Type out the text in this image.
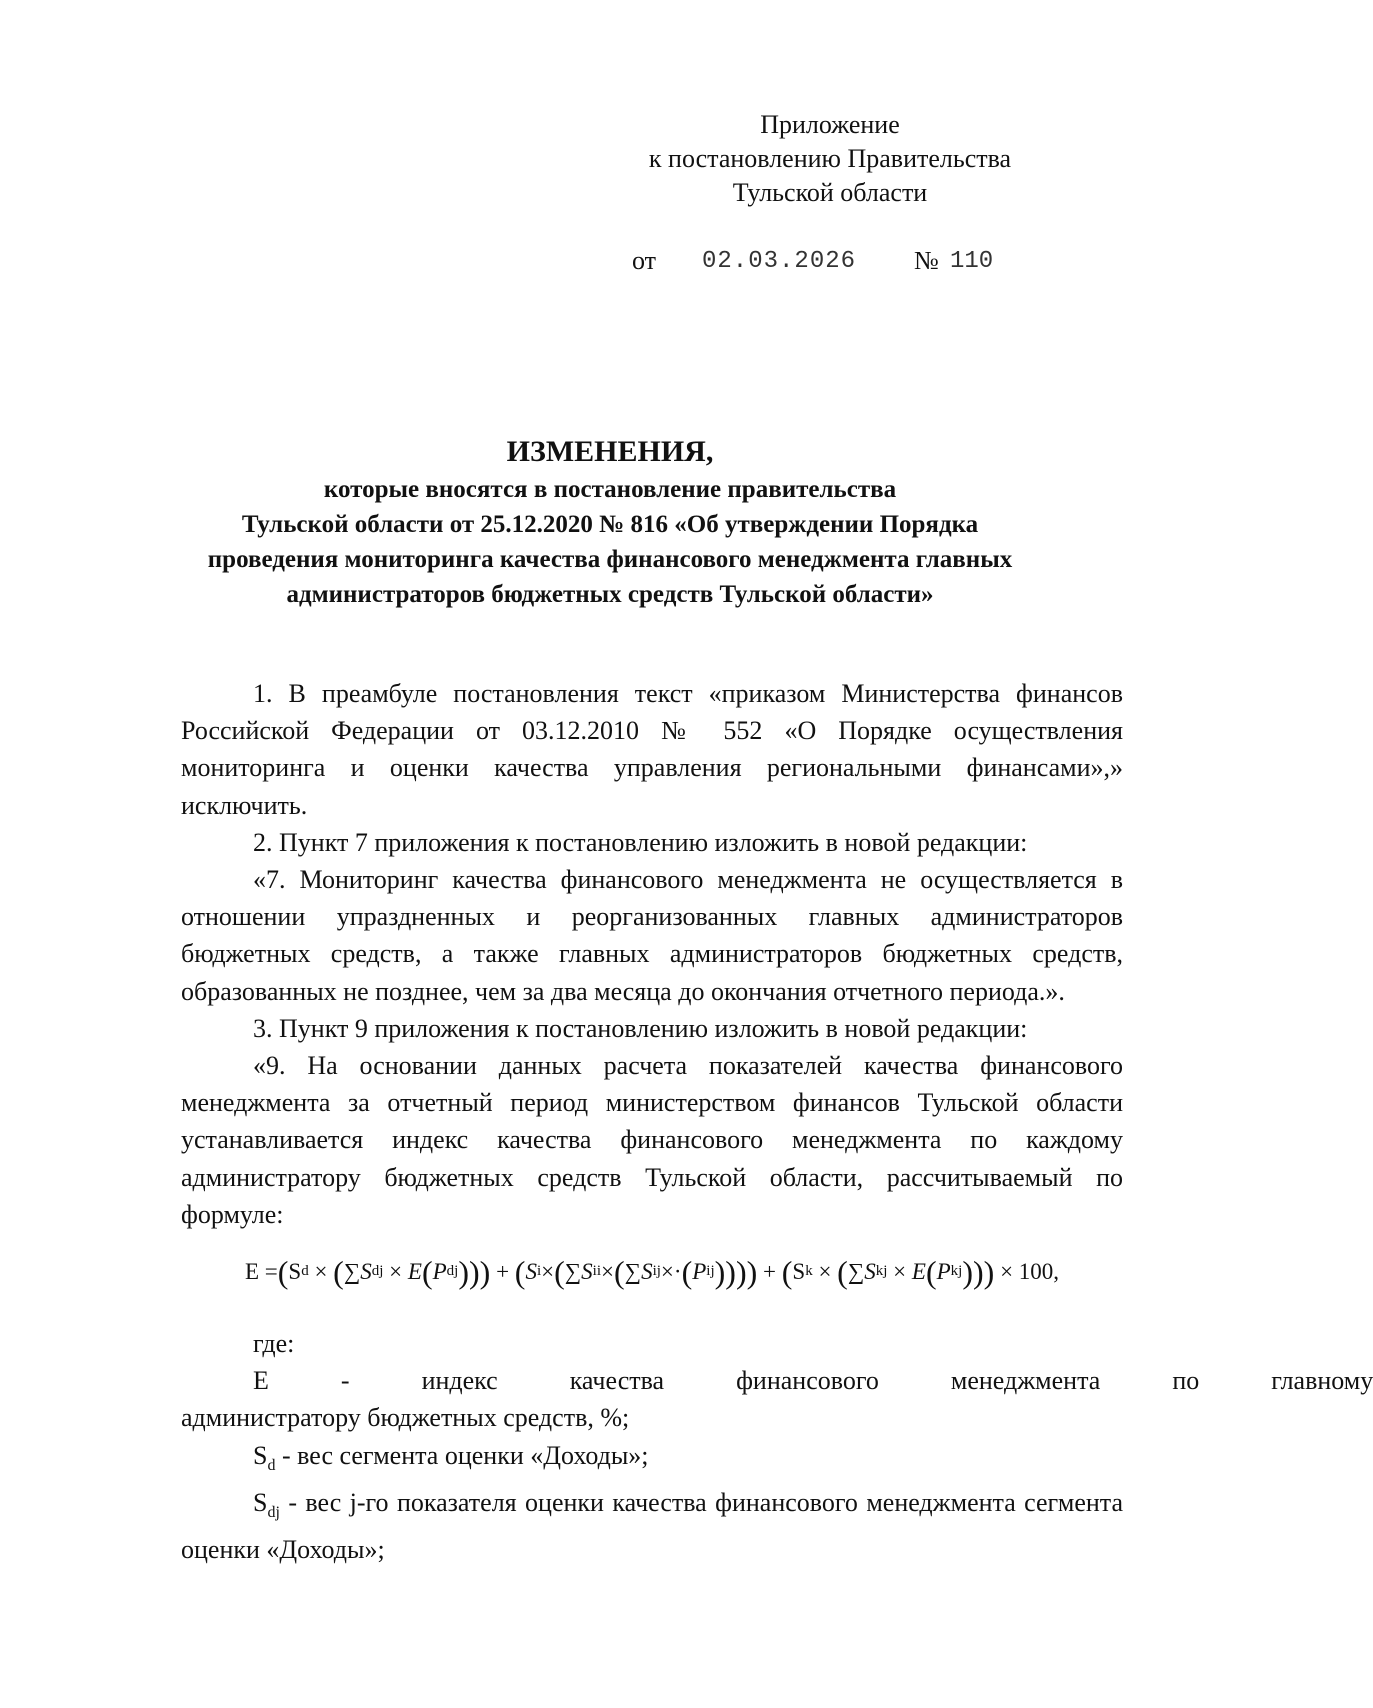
Приложение
к постановлению Правительства
Тульской области
от 02.03.2026 № 110
ИЗМЕНЕНИЯ,
которые вносятся в постановление правительства
Тульской области от 25.12.2020 № 816 «Об утверждении Порядка
проведения мониторинга качества финансового менеджмента главных
администраторов бюджетных средств Тульской области»

1. В преамбуле постановления текст «приказом Министерства финансов Российской Федерации от 03.12.2010 № 552 «О Порядке осуществления мониторинга и оценки качества управления региональными финансами»,» исключить.

2. Пункт 7 приложения к постановлению изложить в новой редакции:

«7. Мониторинг качества финансового менеджмента не осуществляется в отношении упраздненных и реорганизованных главных администраторов бюджетных средств, а также главных администраторов бюджетных средств, образованных не позднее, чем за два месяца до окончания отчетного периода.».

3. Пункт 9 приложения к постановлению изложить в новой редакции:

«9. На основании данных расчета показателей качества финансового менеджмента за отчетный период министерством финансов Тульской области устанавливается индекс качества финансового менеджмента по каждому администратору бюджетных средств Тульской области, рассчитываемый по формуле:

E
= ( S d
×
( ∑ S dj
×
E ( P dj )))
+
( S i × ( ∑ S ii × ( ∑ S ij × · ( P ij ))))
+
( S k
×
( ∑ S kj
×
E ( P kj )))
× 100,

где:

Е	-	индекс	качества	финансового	менеджмента	по	главному

администратору бюджетных средств, %;

$S_d$ - вес сегмента оценки «Доходы»;

$S_{dj}$ - вес j-го показателя оценки качества финансового менеджмента сегмента оценки «Доходы»;
